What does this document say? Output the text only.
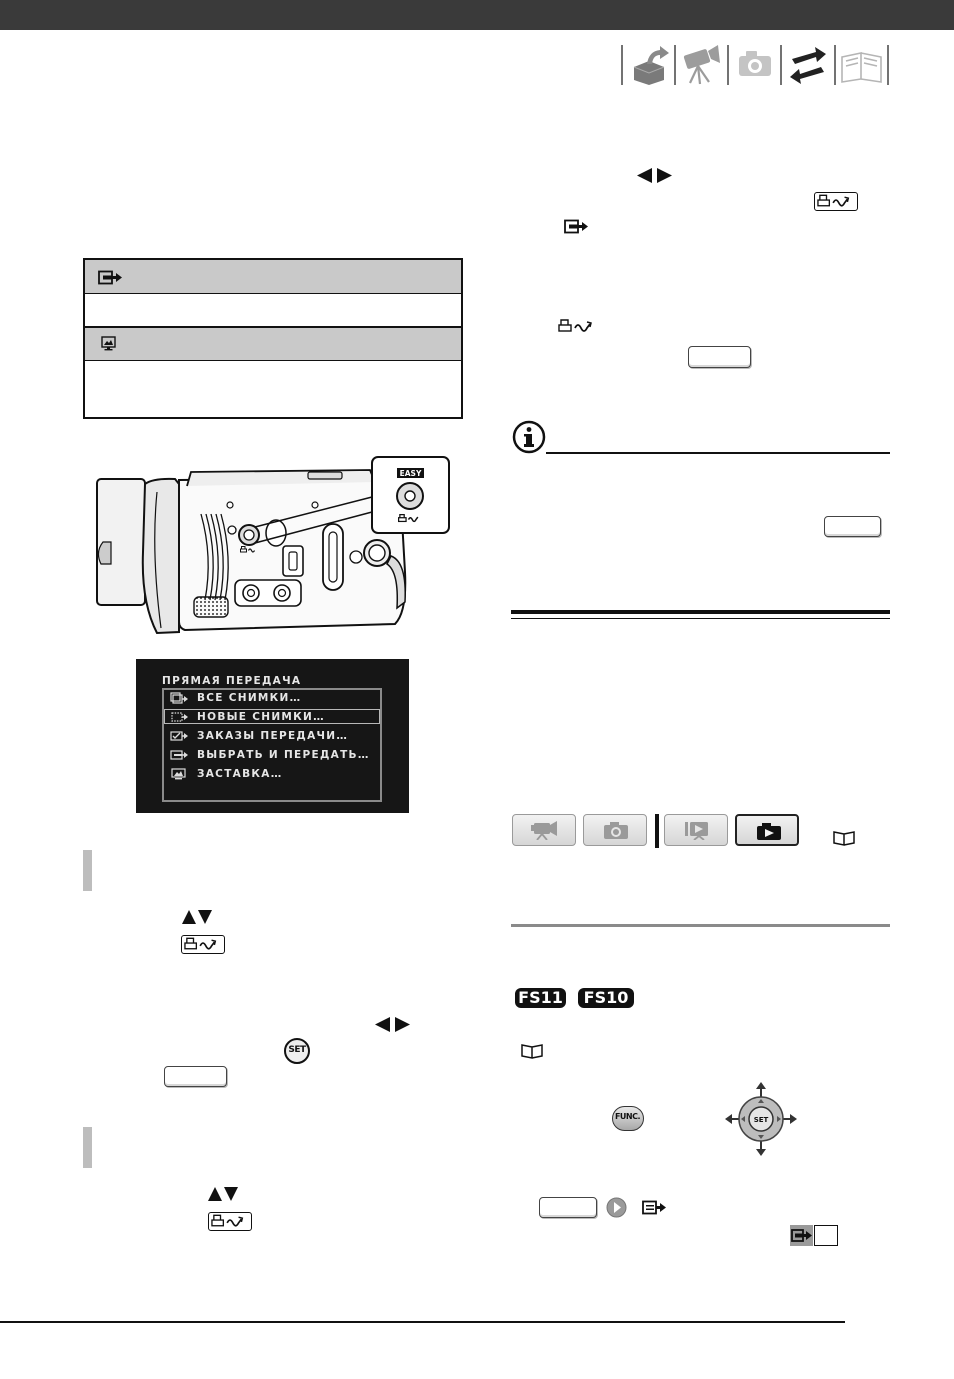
EASY
ПРЯМАЯ ПЕРЕДАЧА
ВСЕ СНИМКИ…
НОВЫЕ СНИМКИ…
ЗАКАЗЫ ПЕРЕДАЧИ…
ВЫБРАТЬ И ПЕРЕДАТЬ…
ЗАСТАВКА…
SET
FS11	FS10
FUNC.	SET
